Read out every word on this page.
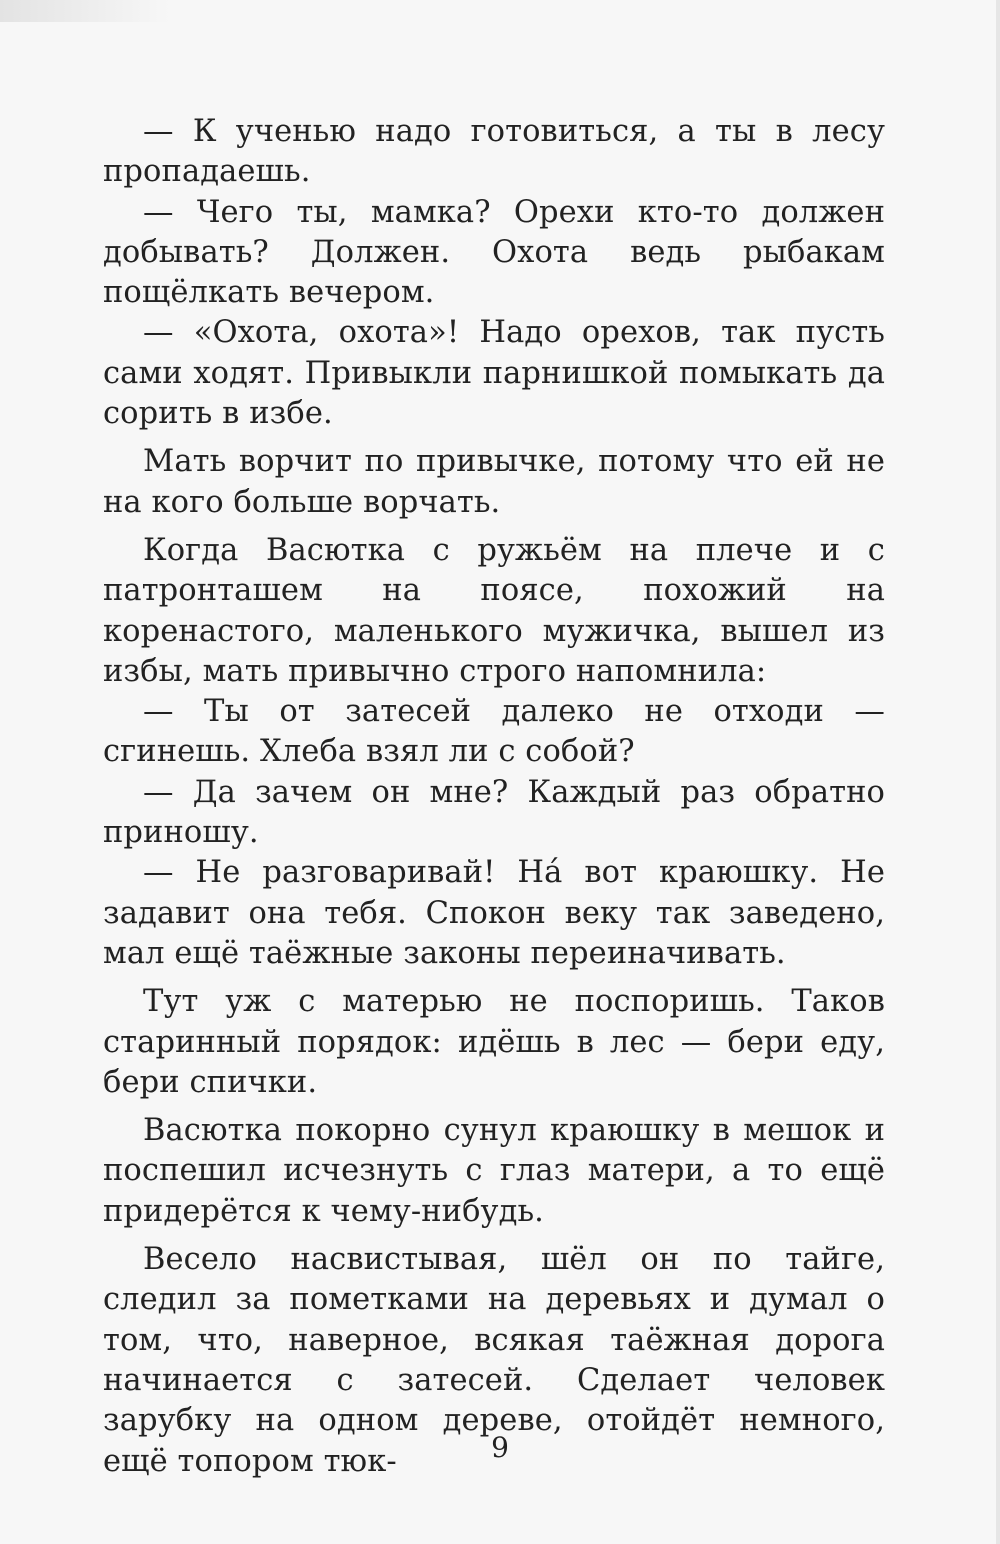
— К ученью надо готовиться, а ты в лесу пропадаешь.

— Чего ты, мамка? Орехи кто-то должен добывать? Должен. Охота ведь рыбакам пощёлкать вечером.

— «Охота, охота»! Надо орехов, так пусть сами ходят. Привыкли парнишкой помыкать да сорить в избе.

Мать ворчит по привычке, потому что ей не на кого больше ворчать.

Когда Васютка с ружьём на плече и с патронташем на поясе, похожий на коренастого, маленького мужичка, вышел из избы, мать привычно строго напомнила:

— Ты от затесей далеко не отходи — сгинешь. Хлеба взял ли с собой?

— Да зачем он мне? Каждый раз обратно приношу.

— Не разговаривай! На́ вот краюшку. Не задавит она тебя. Спокон веку так заведено, мал ещё таёжные законы переиначивать.

Тут уж с матерью не поспоришь. Таков старинный порядок: идёшь в лес — бери еду, бери спички.

Васютка покорно сунул краюшку в мешок и поспешил исчезнуть с глаз матери, а то ещё придерётся к чему-нибудь.

Весело насвистывая, шёл он по тайге, следил за пометками на деревьях и думал о том, что, наверное, всякая таёжная дорога начинается с затесей. Сделает человек зарубку на одном дереве, отойдёт немного, ещё топором тюк-	9
